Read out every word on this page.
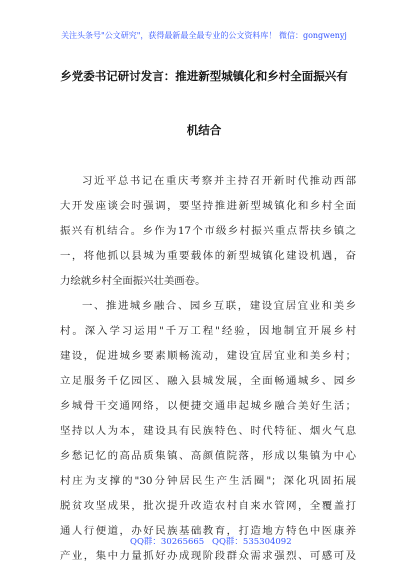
关注头条号"公文研究"，获得最新最全最专业的公文资料库！ 微信：gongwenyj
乡党委书记研讨发言：推进新型城镇化和乡村全面振兴有
机结合
习近平总书记在重庆考察并主持召开新时代推动西部
大开发座谈会时强调，要坚持推进新型城镇化和乡村全面
振兴有机结合。乡作为17个市级乡村振兴重点帮扶乡镇之
一，将他抓以县城为重要载体的新型城镇化建设机遇，奋
力绘就乡村全面振兴壮美画卷。
一、推进城乡融合、园乡互联，建设宜居宜业和美乡
村。深入学习运用"千万工程"经验，因地制宜开展乡村
建设，促进城乡要素顺畅流动，建设宜居宜业和美乡村；
立足服务千亿园区、融入县城发展，全面畅通城乡、园乡
乡城骨干交通网络，以便捷交通串起城乡融合美好生活；
坚持以人为本，建设具有民族特色、时代特征、烟火气息
乡愁记忆的高品质集镇、高颜值院落，形成以集镇为中心
村庄为支撑的"30分钟居民生产生活圈"；深化巩固拓展
脱贫攻坚成果，批次提升改造农村自来水管网，全覆盖打
通人行便道，办好民族基础教育，打造地方特色中医康养
产业，集中力量抓好办成现阶段群众需求强烈、可感可及
QQ群：30265665 QQ群：535304092
